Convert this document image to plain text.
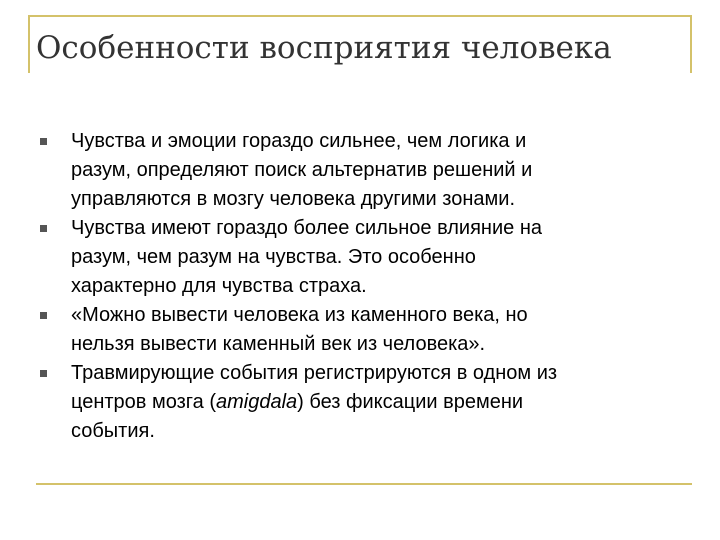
Особенности восприятия человека
Чувства и эмоции гораздо сильнее, чем логика и
разум, определяют поиск альтернатив решений и
управляются в мозгу человека другими зонами.
Чувства имеют гораздо более сильное влияние на
разум, чем разум на чувства. Это особенно
характерно для чувства страха.
«Можно вывести человека из каменного века, но
нельзя вывести каменный век из человека».
Травмирующие события регистрируются в одном из
центров мозга (amigdala) без фиксации времени
события.
